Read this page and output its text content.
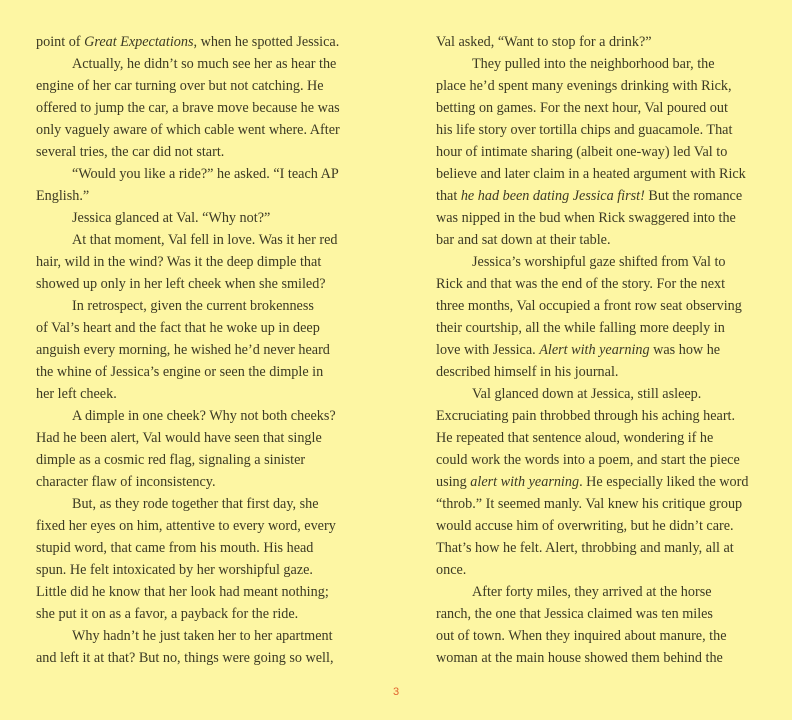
point of Great Expectations, when he spotted Jessica.
Actually, he didn’t so much see her as hear the
engine of her car turning over but not catching. He
offered to jump the car, a brave move because he was
only vaguely aware of which cable went where. After
several tries, the car did not start.
“Would you like a ride?” he asked. “I teach AP
English.”
Jessica glanced at Val. “Why not?”
At that moment, Val fell in love. Was it her red
hair, wild in the wind? Was it the deep dimple that
showed up only in her left cheek when she smiled?
In retrospect, given the current brokenness
of Val’s heart and the fact that he woke up in deep
anguish every morning, he wished he’d never heard
the whine of Jessica’s engine or seen the dimple in
her left cheek.
A dimple in one cheek? Why not both cheeks?
Had he been alert, Val would have seen that single
dimple as a cosmic red flag, signaling a sinister
character flaw of inconsistency.
But, as they rode together that first day, she
fixed her eyes on him, attentive to every word, every
stupid word, that came from his mouth. His head
spun. He felt intoxicated by her worshipful gaze.
Little did he know that her look had meant nothing;
she put it on as a favor, a payback for the ride.
Why hadn’t he just taken her to her apartment
and left it at that? But no, things were going so well,
Val asked, “Want to stop for a drink?”
They pulled into the neighborhood bar, the
place he’d spent many evenings drinking with Rick,
betting on games. For the next hour, Val poured out
his life story over tortilla chips and guacamole. That
hour of intimate sharing (albeit one-way) led Val to
believe and later claim in a heated argument with Rick
that he had been dating Jessica first! But the romance
was nipped in the bud when Rick swaggered into the
bar and sat down at their table.
Jessica’s worshipful gaze shifted from Val to
Rick and that was the end of the story. For the next
three months, Val occupied a front row seat observing
their courtship, all the while falling more deeply in
love with Jessica. Alert with yearning was how he
described himself in his journal.
Val glanced down at Jessica, still asleep.
Excruciating pain throbbed through his aching heart.
He repeated that sentence aloud, wondering if he
could work the words into a poem, and start the piece
using alert with yearning. He especially liked the word
“throb.” It seemed manly. Val knew his critique group
would accuse him of overwriting, but he didn’t care.
That’s how he felt. Alert, throbbing and manly, all at
once.
After forty miles, they arrived at the horse
ranch, the one that Jessica claimed was ten miles
out of town. When they inquired about manure, the
woman at the main house showed them behind the
3
